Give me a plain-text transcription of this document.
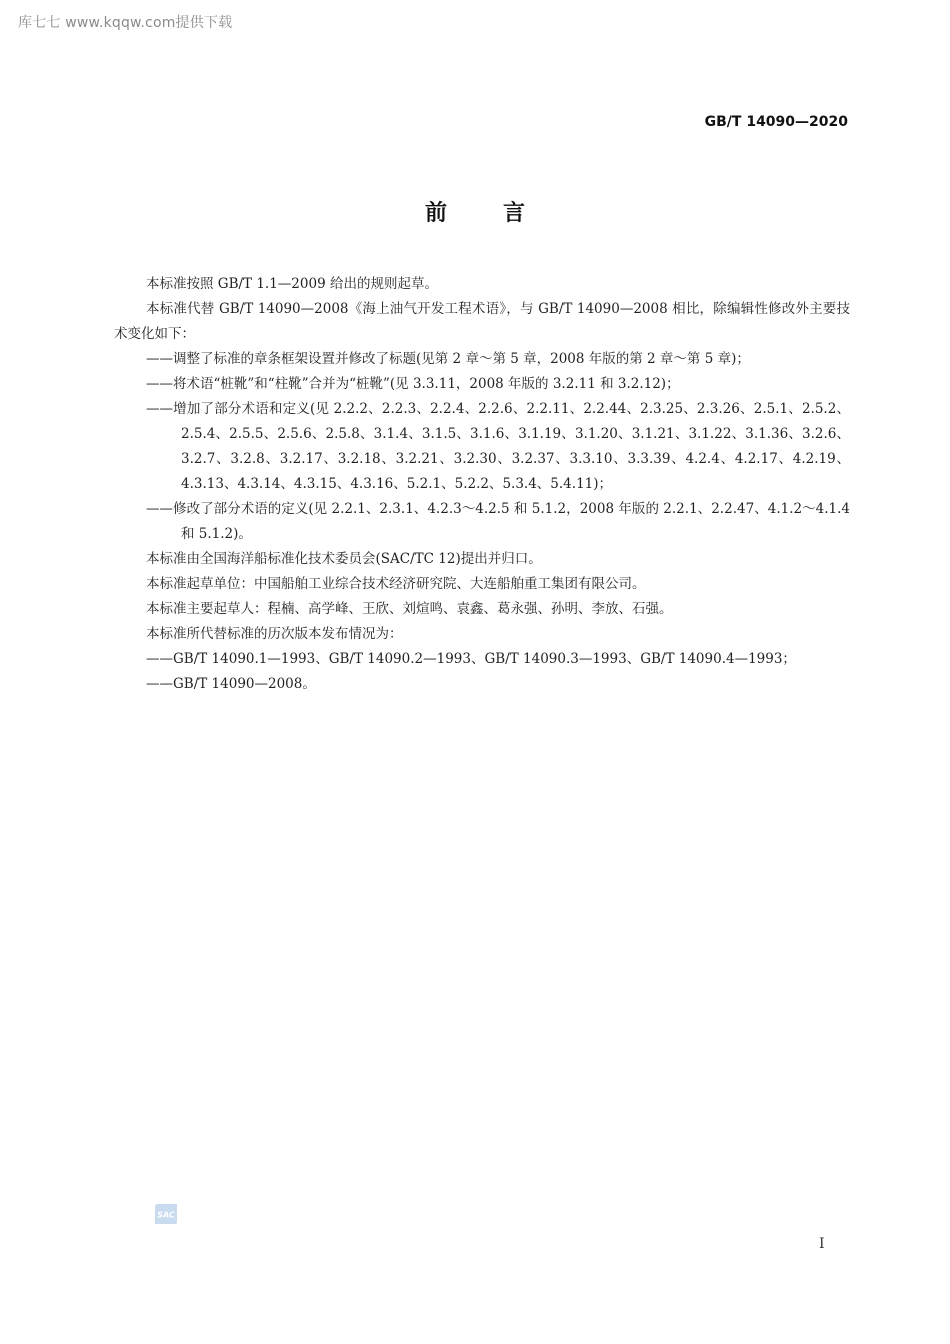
库七七 www.kqqw.com提供下载
GB/T 14090—2020
前言

本标准按照 GB/T 1.1—2009 给出的规则起草。

本标准代替 GB/T 14090—2008《海上油气开发工程术语》，与 GB/T 14090—2008 相比，除编辑性修改外主要技术变化如下：

——调整了标准的章条框架设置并修改了标题(见第 2 章～第 5 章，2008 年版的第 2 章～第 5 章)；

——将术语“桩靴”和“柱靴”合并为“桩靴”(见 3.3.11，2008 年版的 3.2.11 和 3.2.12)；

——增加了部分术语和定义(见 2.2.2、2.2.3、2.2.4、2.2.6、2.2.11、2.2.44、2.3.25、2.3.26、2.5.1、2.5.2、2.5.4、2.5.5、2.5.6、2.5.8、3.1.4、3.1.5、3.1.6、3.1.19、3.1.20、3.1.21、3.1.22、3.1.36、3.2.6、3.2.7、3.2.8、3.2.17、3.2.18、3.2.21、3.2.30、3.2.37、3.3.10、3.3.39、4.2.4、4.2.17、4.2.19、4.3.13、4.3.14、4.3.15、4.3.16、5.2.1、5.2.2、5.3.4、5.4.11)；

——修改了部分术语的定义(见 2.2.1、2.3.1、4.2.3～4.2.5 和 5.1.2，2008 年版的 2.2.1、2.2.47、4.1.2～4.1.4 和 5.1.2)。

本标准由全国海洋船标准化技术委员会(SAC/TC 12)提出并归口。

本标准起草单位：中国船舶工业综合技术经济研究院、大连船舶重工集团有限公司。

本标准主要起草人：程楠、高学峰、王欣、刘煊鸣、袁鑫、葛永强、孙明、李放、石强。

本标准所代替标准的历次版本发布情况为：

——GB/T 14090.1—1993、GB/T 14090.2—1993、GB/T 14090.3—1993、GB/T 14090.4—1993；

——GB/T 14090—2008。

SAC
I
